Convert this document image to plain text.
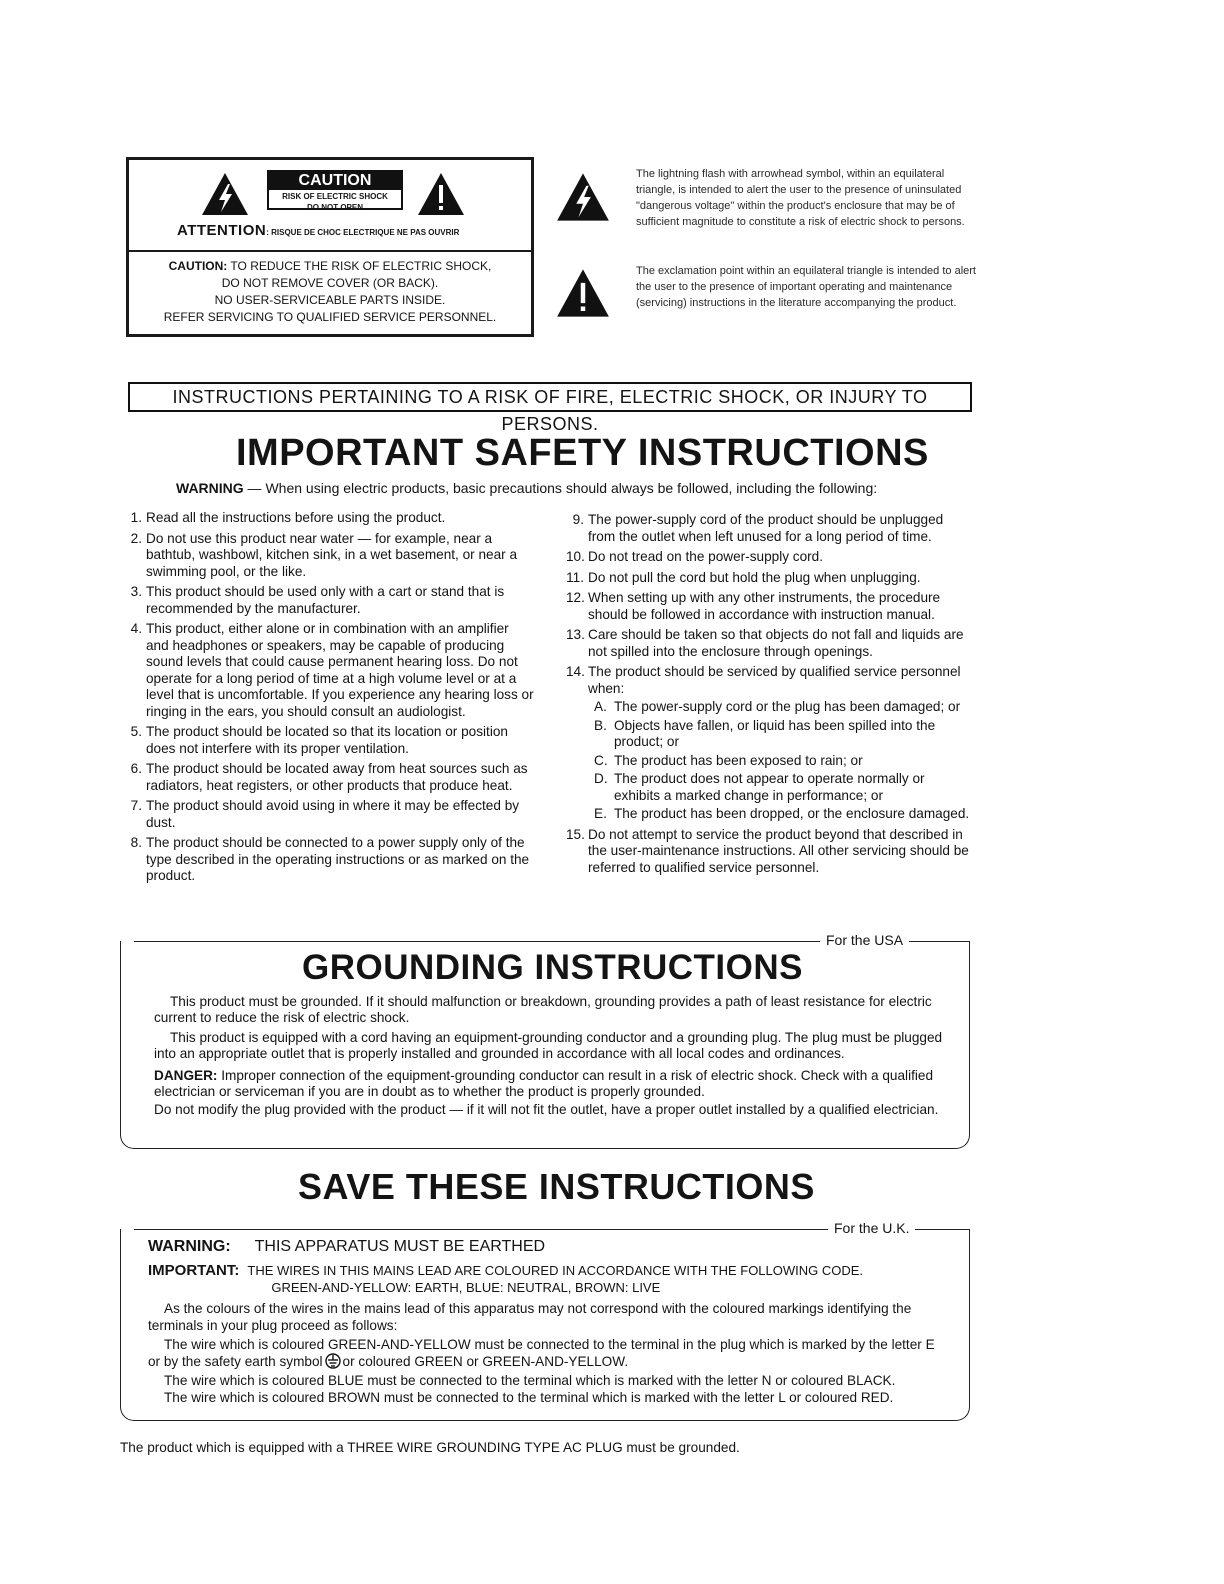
CAUTION
RISK OF ELECTRIC SHOCK
DO NOT OPEN
ATTENTION: RISQUE DE CHOC ELECTRIQUE NE PAS OUVRIR
CAUTION: TO REDUCE THE RISK OF ELECTRIC SHOCK,
DO NOT REMOVE COVER (OR BACK).
NO USER-SERVICEABLE PARTS INSIDE.
REFER SERVICING TO QUALIFIED SERVICE PERSONNEL.
The lightning flash with arrowhead symbol, within an equilateral triangle, is intended to alert the user to the presence of uninsulated "dangerous voltage" within the product's enclosure that may be of sufficient magnitude to constitute a risk of electric shock to persons.
The exclamation point within an equilateral triangle is intended to alert the user to the presence of important operating and maintenance (servicing) instructions in the literature accompanying the product.
INSTRUCTIONS PERTAINING TO A RISK OF FIRE, ELECTRIC SHOCK, OR INJURY TO PERSONS.
IMPORTANT SAFETY INSTRUCTIONS
WARNING — When using electric products, basic precautions should always be followed, including the following:
1. Read all the instructions before using the product.
2. Do not use this product near water — for example, near a bathtub, washbowl, kitchen sink, in a wet basement, or near a swimming pool, or the like.
3. This product should be used only with a cart or stand that is recommended by the manufacturer.
4. This product, either alone or in combination with an amplifier and headphones or speakers, may be capable of producing sound levels that could cause permanent hearing loss. Do not operate for a long period of time at a high volume level or at a level that is uncomfortable. If you experience any hearing loss or ringing in the ears, you should consult an audiologist.
5. The product should be located so that its location or position does not interfere with its proper ventilation.
6. The product should be located away from heat sources such as radiators, heat registers, or other products that produce heat.
7. The product should avoid using in where it may be effected by dust.
8. The product should be connected to a power supply only of the type described in the operating instructions or as marked on the product.
9. The power-supply cord of the product should be unplugged from the outlet when left unused for a long period of time.
10. Do not tread on the power-supply cord.
11. Do not pull the cord but hold the plug when unplugging.
12. When setting up with any other instruments, the procedure should be followed in accordance with instruction manual.
13. Care should be taken so that objects do not fall and liquids are not spilled into the enclosure through openings.
14. The product should be serviced by qualified service personnel when:
A. The power-supply cord or the plug has been damaged; or
B. Objects have fallen, or liquid has been spilled into the product; or
C. The product has been exposed to rain; or
D. The product does not appear to operate normally or exhibits a marked change in performance; or
E. The product has been dropped, or the enclosure damaged.
15. Do not attempt to service the product beyond that described in the user-maintenance instructions. All other servicing should be referred to qualified service personnel.
For the USA
GROUNDING INSTRUCTIONS
This product must be grounded. If it should malfunction or breakdown, grounding provides a path of least resistance for electric current to reduce the risk of electric shock.
This product is equipped with a cord having an equipment-grounding conductor and a grounding plug. The plug must be plugged into an appropriate outlet that is properly installed and grounded in accordance with all local codes and ordinances.
DANGER: Improper connection of the equipment-grounding conductor can result in a risk of electric shock. Check with a qualified electrician or serviceman if you are in doubt as to whether the product is properly grounded.
Do not modify the plug provided with the product — if it will not fit the outlet, have a proper outlet installed by a qualified electrician.
SAVE THESE INSTRUCTIONS
For the U.K.
WARNING: THIS APPARATUS MUST BE EARTHED
IMPORTANT: THE WIRES IN THIS MAINS LEAD ARE COLOURED IN ACCORDANCE WITH THE FOLLOWING CODE.
GREEN-AND-YELLOW: EARTH, BLUE: NEUTRAL, BROWN: LIVE
As the colours of the wires in the mains lead of this apparatus may not correspond with the coloured markings identifying the terminals in your plug proceed as follows:
The wire which is coloured GREEN-AND-YELLOW must be connected to the terminal in the plug which is marked by the letter E or by the safety earth symbol or coloured GREEN or GREEN-AND-YELLOW.
The wire which is coloured BLUE must be connected to the terminal which is marked with the letter N or coloured BLACK.
The wire which is coloured BROWN must be connected to the terminal which is marked with the letter L or coloured RED.
The product which is equipped with a THREE WIRE GROUNDING TYPE AC PLUG must be grounded.
